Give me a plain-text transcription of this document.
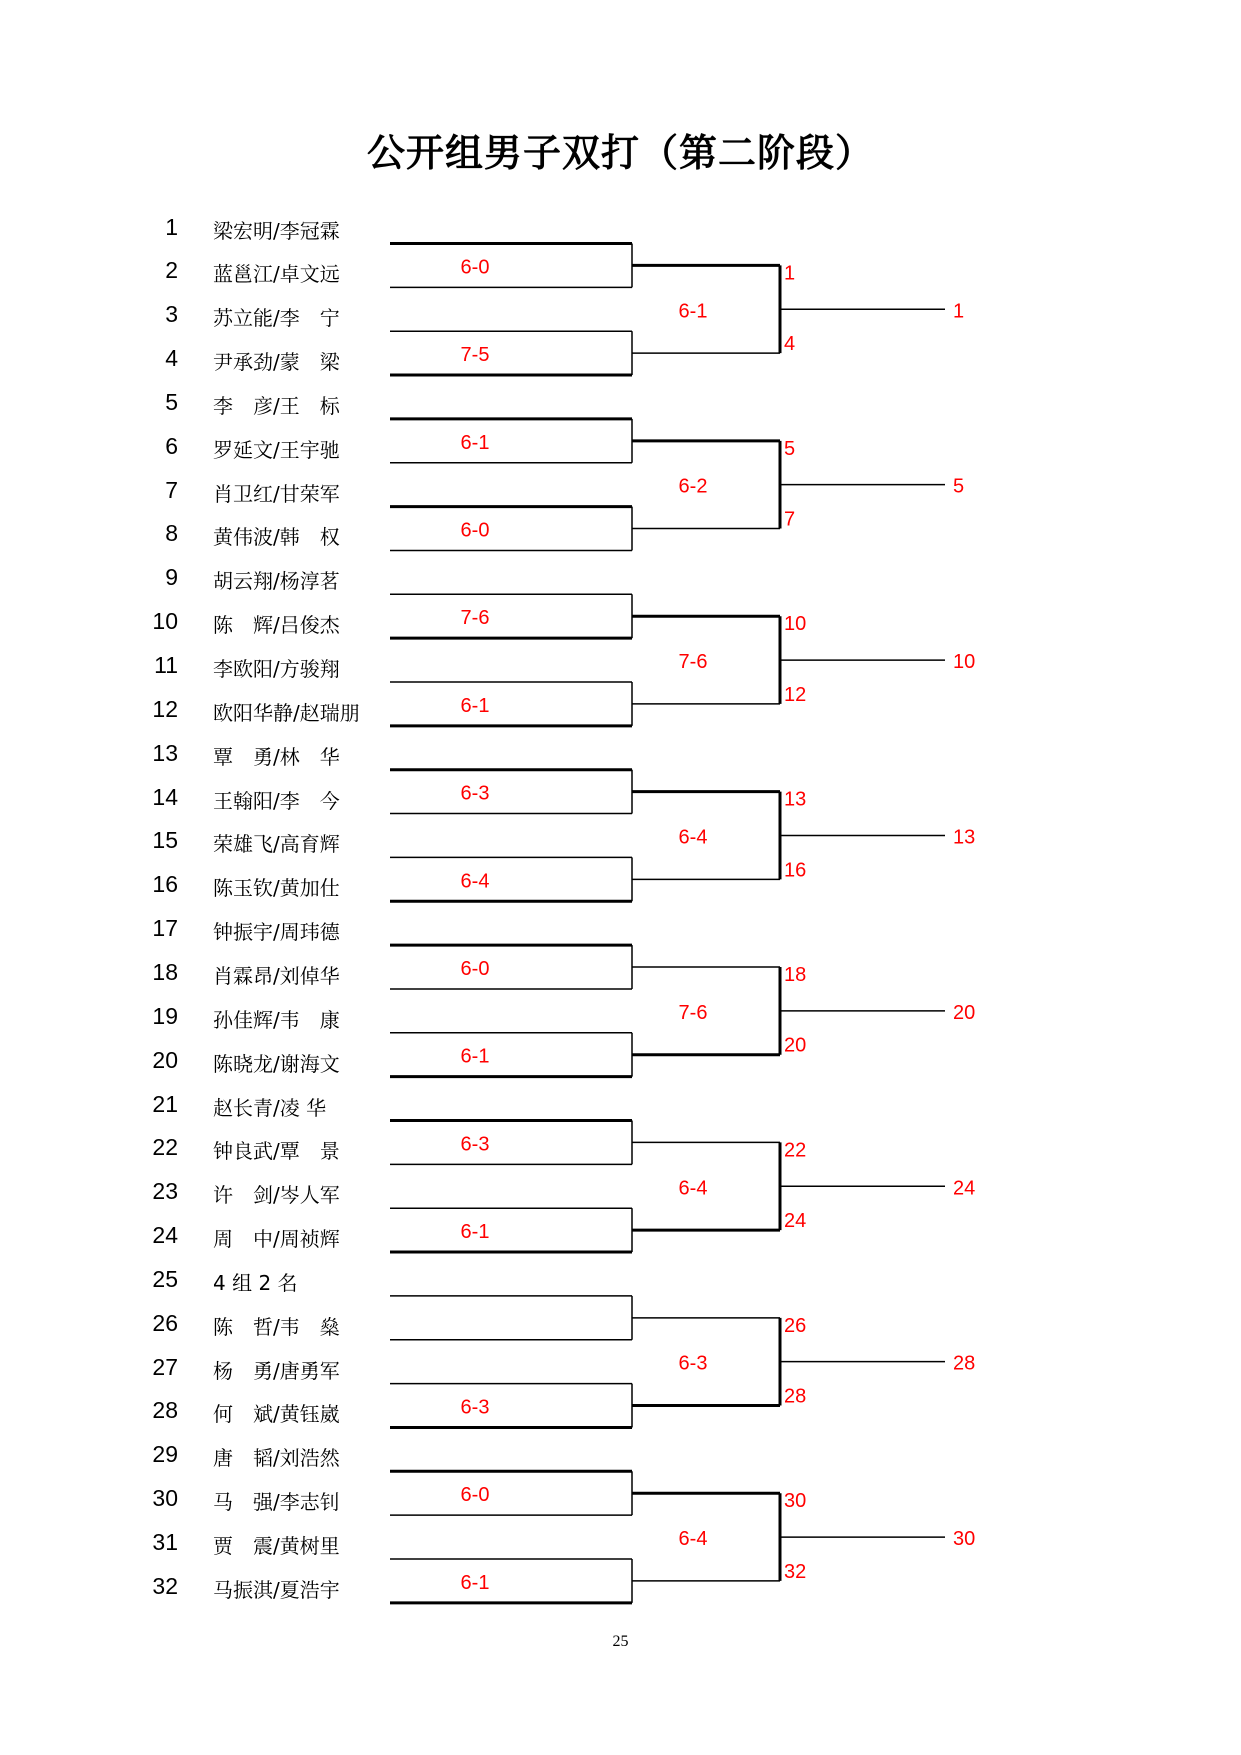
公开组男子双打（第二阶段）
1 梁宏明/李冠霖
2 蓝邕江/卓文远
3 苏立能/李　宁
4 尹承劲/蒙　梁
5 李　彦/王　标
6 罗延文/王宇驰
7 肖卫红/甘荣军
8 黄伟波/韩　权
9 胡云翔/杨淳茗
10 陈　辉/吕俊杰
11 李欧阳/方骏翔
12 欧阳华静/赵瑞朋
13 覃　勇/林　华
14 王翰阳/李　今
15 荣雄飞/高育辉
16 陈玉钦/黄加仕
17 钟振宇/周玮德
18 肖霖昂/刘倬华
19 孙佳辉/韦　康
20 陈晓龙/谢海文
21 赵长青/凌 华
22 钟良武/覃　景
23 许　剑/岑人军
24 周　中/周祯辉
25 4 组 2 名
26 陈　哲/韦　燊
27 杨　勇/唐勇军
28 何　斌/黄钰崴
29 唐　韬/刘浩然
30 马　强/李志钊
31 贾　震/黄树里
32 马振淇/夏浩宇
6-0
7-5
6-1
6-0
7-6
6-1
6-3
6-4
6-0
6-1
6-3
6-1
6-3
6-0
6-1
1
4
6-1	1
5
7
6-2	5
10
12
7-6	10
13
16
6-4	13
18
20
7-6	20
22
24
6-4	24
26
28
6-3	28
30
32
6-4	30
25
